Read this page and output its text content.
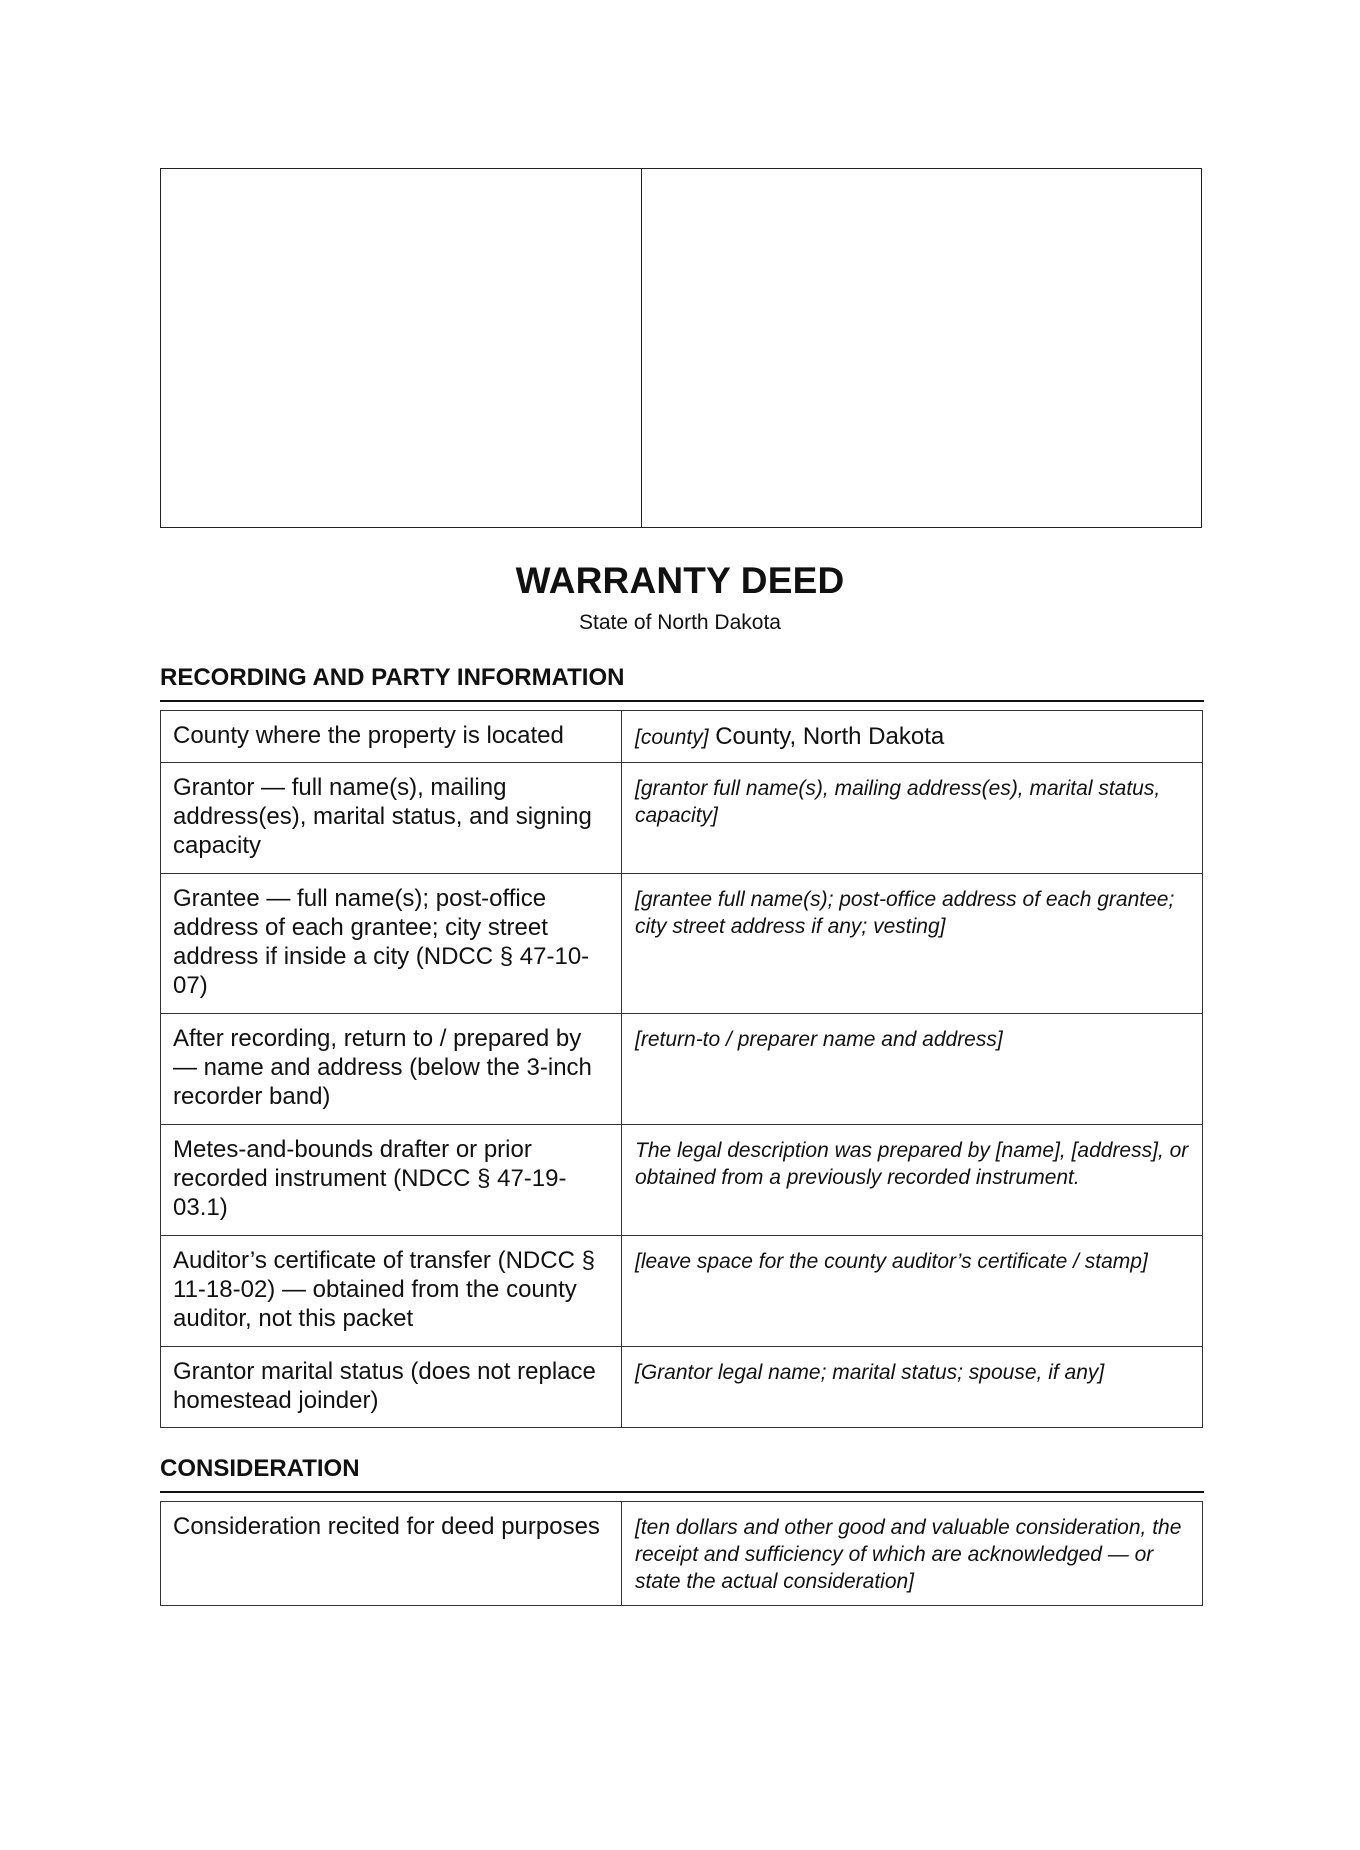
WARRANTY DEED
State of North Dakota
RECORDING AND PARTY INFORMATION
County where the property is located	[county] County, North Dakota
Grantor — full name(s), mailing address(es), marital status, and signing capacity	[grantor full name(s), mailing address(es), marital status, capacity]
Grantee — full name(s); post-office address of each grantee; city street address if inside a city (NDCC § 47-10-07)	[grantee full name(s); post-office address of each grantee; city street address if any; vesting]
After recording, return to / prepared by — name and address (below the 3-inch recorder band)	[return-to / preparer name and address]
Metes-and-bounds drafter or prior recorded instrument (NDCC § 47-19-03.1)	The legal description was prepared by [name], [address], or obtained from a previously recorded instrument.
Auditor’s certificate of transfer (NDCC § 11-18-02) — obtained from the county auditor, not this packet	[leave space for the county auditor’s certificate / stamp]
Grantor marital status (does not replace homestead joinder)	[Grantor legal name; marital status; spouse, if any]
CONSIDERATION
Consideration recited for deed purposes	[ten dollars and other good and valuable consideration, the receipt and sufficiency of which are acknowledged — or state the actual consideration]
